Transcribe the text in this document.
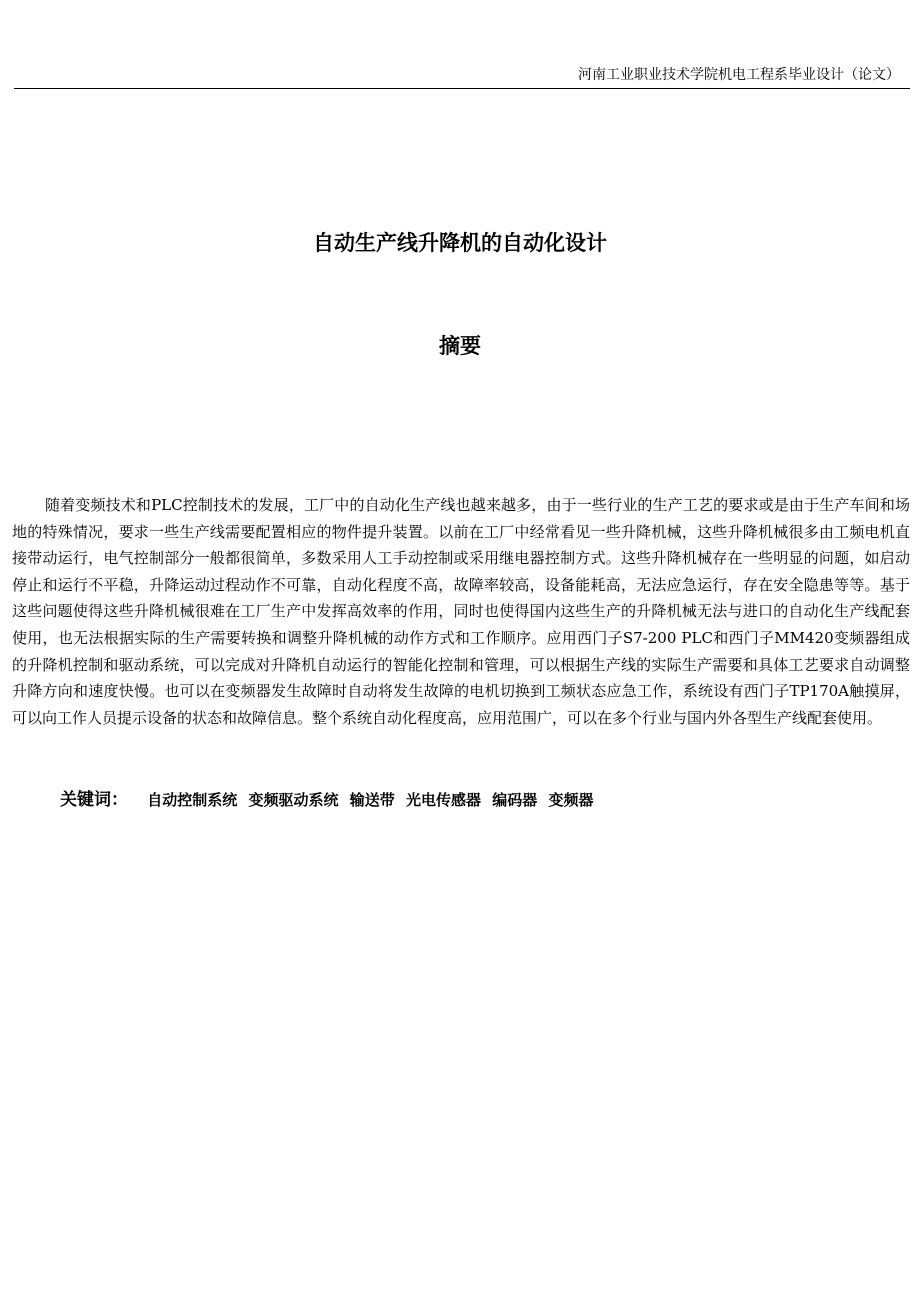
河南工业职业技术学院机电工程系毕业设计（论文）
自动生产线升降机的自动化设计
摘要

随着变频技术和PLC控制技术的发展，工厂中的自动化生产线也越来越多，由于一些行业的生产工艺的要求或是由于生产车间和场地的特殊情况，要求一些生产线需要配置相应的物件提升装置。以前在工厂中经常看见一些升降机械，这些升降机械很多由工频电机直接带动运行，电气控制部分一般都很简单，多数采用人工手动控制或采用继电器控制方式。这些升降机械存在一些明显的问题，如启动停止和运行不平稳，升降运动过程动作不可靠，自动化程度不高，故障率较高，设备能耗高，无法应急运行，存在安全隐患等等。基于这些问题使得这些升降机械很难在工厂生产中发挥高效率的作用，同时也使得国内这些生产的升降机械无法与进口的自动化生产线配套使用，也无法根据实际的生产需要转换和调整升降机械的动作方式和工作顺序。应用西门子S7-200 PLC和西门子MM420变频器组成的升降机控制和驱动系统，可以完成对升降机自动运行的智能化控制和管理，可以根据生产线的实际生产需要和具体工艺要求自动调整升降方向和速度快慢。也可以在变频器发生故障时自动将发生故障的电机切换到工频状态应急工作，系统设有西门子TP170A触摸屏，可以向工作人员提示设备的状态和故障信息。整个系统自动化程度高，应用范围广，可以在多个行业与国内外各型生产线配套使用。

关键词： 自动控制系统 变频驱动系统 输送带 光电传感器 编码器 变频器
